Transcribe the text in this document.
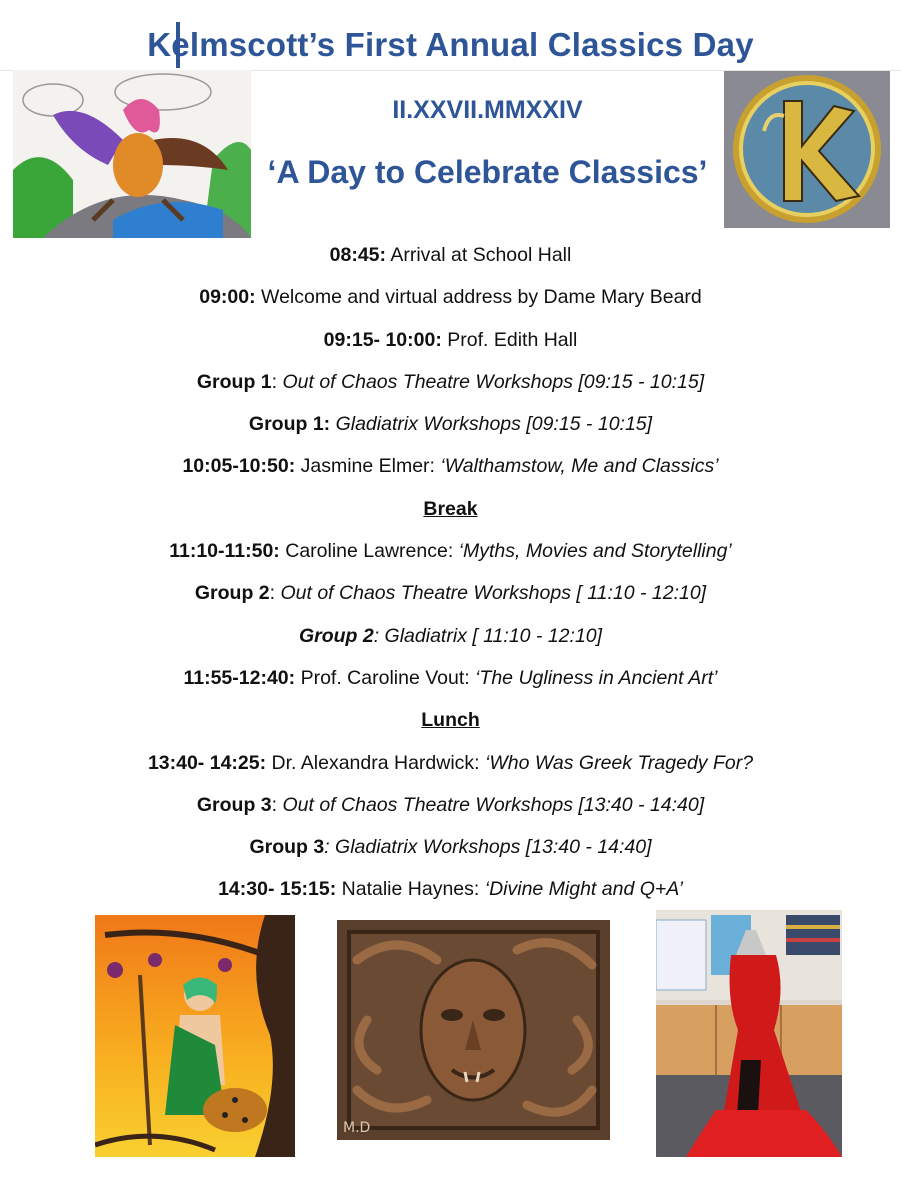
Kelmscott’s First Annual Classics Day
II.XXVII.MMXXIV
‘A Day to Celebrate Classics’
08:45: Arrival at School Hall
09:00: Welcome and virtual address by Dame Mary Beard
09:15- 10:00: Prof. Edith Hall
Group 1: Out of Chaos Theatre Workshops [09:15 - 10:15]
Group 1: Gladiatrix Workshops [09:15 - 10:15]
10:05-10:50: Jasmine Elmer: ‘Walthamstow, Me and Classics’
Break
11:10-11:50: Caroline Lawrence: ‘Myths, Movies and Storytelling’
Group 2: Out of Chaos Theatre Workshops [ 11:10 - 12:10]
Group 2: Gladiatrix [ 11:10 - 12:10]
11:55-12:40: Prof. Caroline Vout: ‘The Ugliness in Ancient Art’
Lunch
13:40- 14:25: Dr. Alexandra Hardwick: ‘Who Was Greek Tragedy For?
Group 3: Out of Chaos Theatre Workshops [13:40 - 14:40]
Group 3: Gladiatrix Workshops [13:40 - 14:40]
14:30- 15:15: Natalie Haynes: ‘Divine Might and Q+A’
M.D
